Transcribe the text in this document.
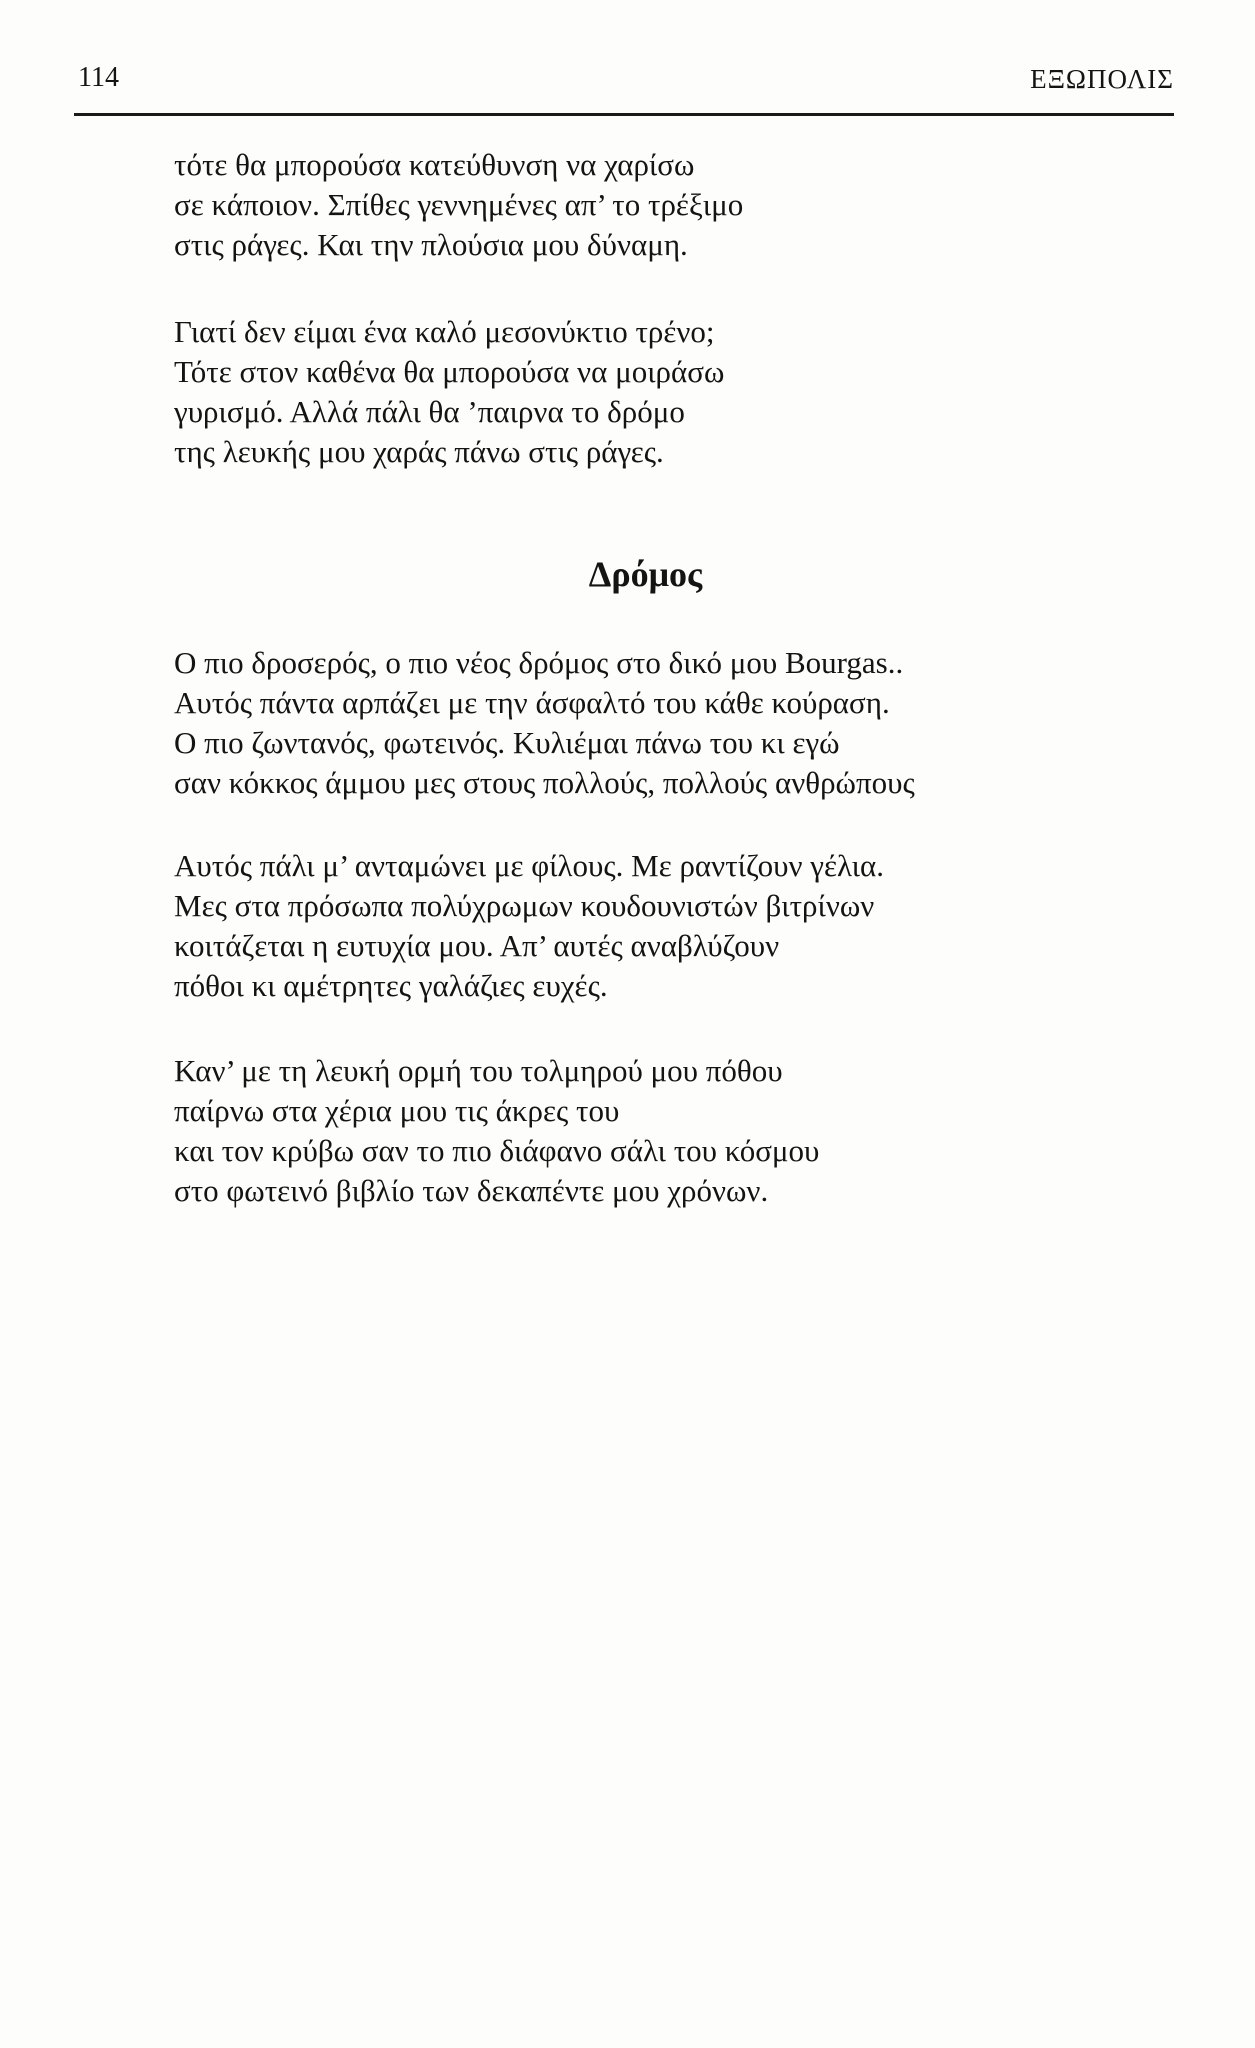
114	ΕΞΩΠΟΛΙΣ
τότε θα μπορούσα κατεύθυνση να χαρίσω
σε κάποιον. Σπίθες γεννημένες απ’ το τρέξιμο
στις ράγες. Και την πλούσια μου δύναμη.
Γιατί δεν είμαι ένα καλό μεσονύκτιο τρένο;
Τότε στον καθένα θα μπορούσα να μοιράσω
γυρισμό. Αλλά πάλι θα ’παιρνα το δρόμο
της λευκής μου χαράς πάνω στις ράγες.
Δρόμος
Ο πιο δροσερός, ο πιο νέος δρόμος στο δικό μου Bourgas..
Αυτός πάντα αρπάζει με την άσφαλτό του κάθε κούραση.
Ο πιο ζωντανός, φωτεινός. Κυλιέμαι πάνω του κι εγώ
σαν κόκκος άμμου μες στους πολλούς, πολλούς ανθρώπους
Αυτός πάλι μ’ ανταμώνει με φίλους. Με ραντίζουν γέλια.
Μες στα πρόσωπα πολύχρωμων κουδουνιστών βιτρίνων
κοιτάζεται η ευτυχία μου. Απ’ αυτές αναβλύζουν
πόθοι κι αμέτρητες γαλάζιες ευχές.
Καν’ με τη λευκή ορμή του τολμηρού μου πόθου
παίρνω στα χέρια μου τις άκρες του
και τον κρύβω σαν το πιο διάφανο σάλι του κόσμου
στο φωτεινό βιβλίο των δεκαπέντε μου χρόνων.
